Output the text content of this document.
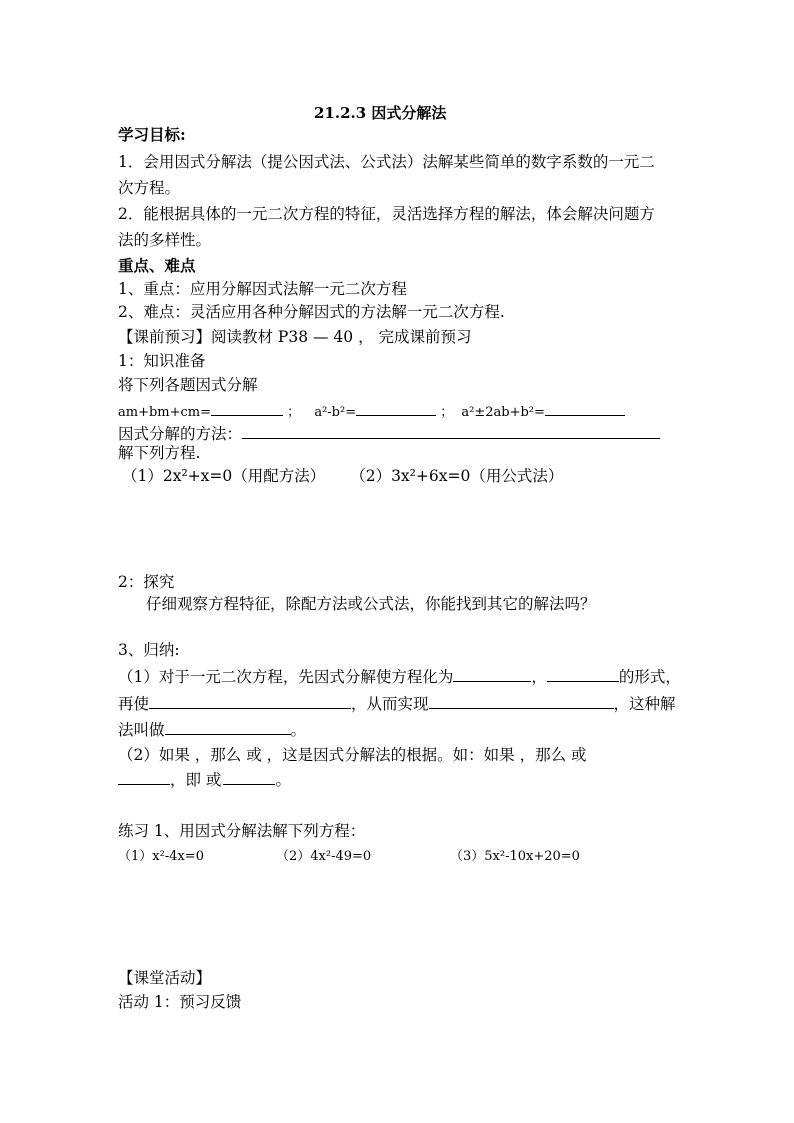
21.2.3 因式分解法
学习目标:
1．会用因式分解法（提公因式法、公式法）法解某些简单的数字系数的一元二
次方程。
2．能根据具体的一元二次方程的特征，灵活选择方程的解法，体会解决问题方
法的多样性。
重点、难点
1、重点：应用分解因式法解一元二次方程
2、难点：灵活应用各种分解因式的方法解一元二次方程.
【课前预习】阅读教材 P38 — 40 ， 完成课前预习
1：知识准备
将下列各题因式分解
am+bm+cm=	； a²-b²=	； a²±2ab+b²=
因式分解的方法：
解下列方程.
（1）2x²+x=0（用配方法） （2）3x²+6x=0（用公式法）
2：探究
仔细观察方程特征，除配方法或公式法，你能找到其它的解法吗？
3、归纳:
（1）对于一元二次方程，先因式分解使方程化为	，	的形式，
再使	，从而实现	，这种解
法叫做	。
（2）如果 ，那么 或 ，这是因式分解法的根据。如：如果 ，那么 或
，即 或	。
练习 1、用因式分解法解下列方程：
（1）x²-4x=0	（2）4x²-49=0	（3）5x²-10x+20=0
【课堂活动】
活动 1：预习反馈
